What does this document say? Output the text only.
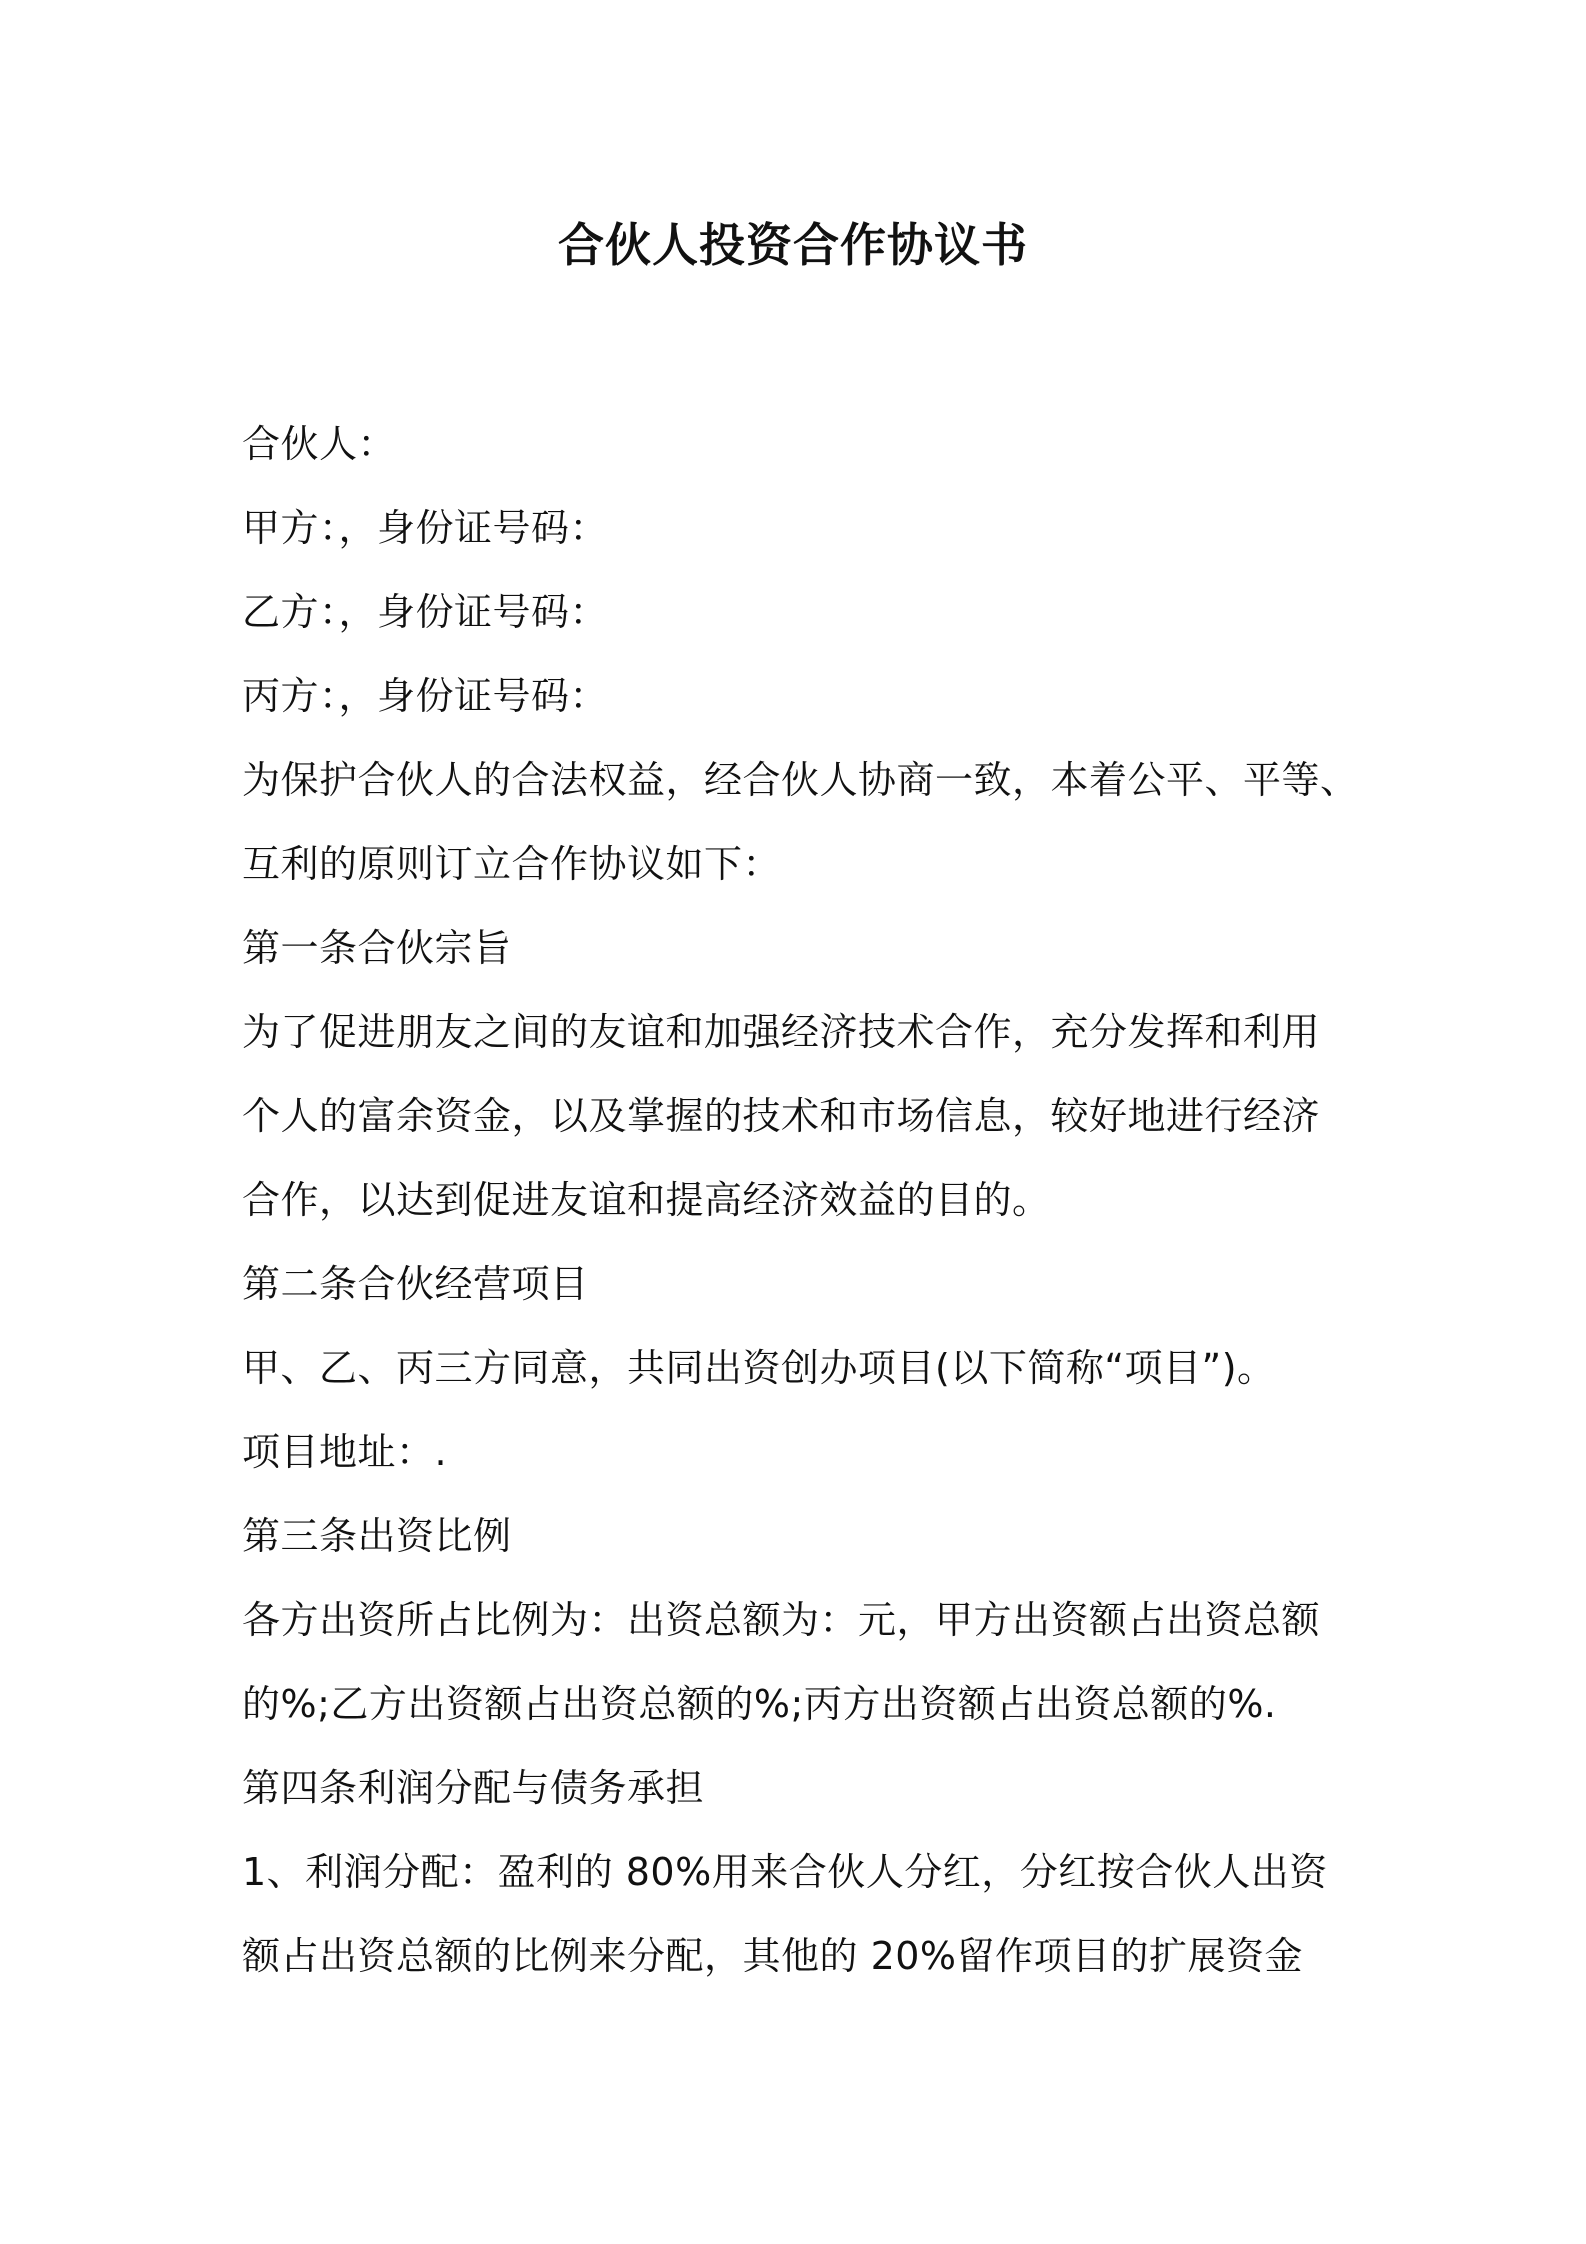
合伙人投资合作协议书
合伙人：
甲方：，身份证号码：
乙方：，身份证号码：
丙方：，身份证号码：
为保护合伙人的合法权益，经合伙人协商一致，本着公平、平等、
互利的原则订立合作协议如下：
第一条合伙宗旨
为了促进朋友之间的友谊和加强经济技术合作，充分发挥和利用
个人的富余资金，以及掌握的技术和市场信息，较好地进行经济
合作，以达到促进友谊和提高经济效益的目的。
第二条合伙经营项目
甲、乙、丙三方同意，共同出资创办项目(以下简称“项目”)。
项目地址：.
第三条出资比例
各方出资所占比例为：出资总额为：元，甲方出资额占出资总额
的%;乙方出资额占出资总额的%;丙方出资额占出资总额的%.
第四条利润分配与债务承担
1、利润分配：盈利的 80%用来合伙人分红，分红按合伙人出资
额占出资总额的比例来分配，其他的 20%留作项目的扩展资金
